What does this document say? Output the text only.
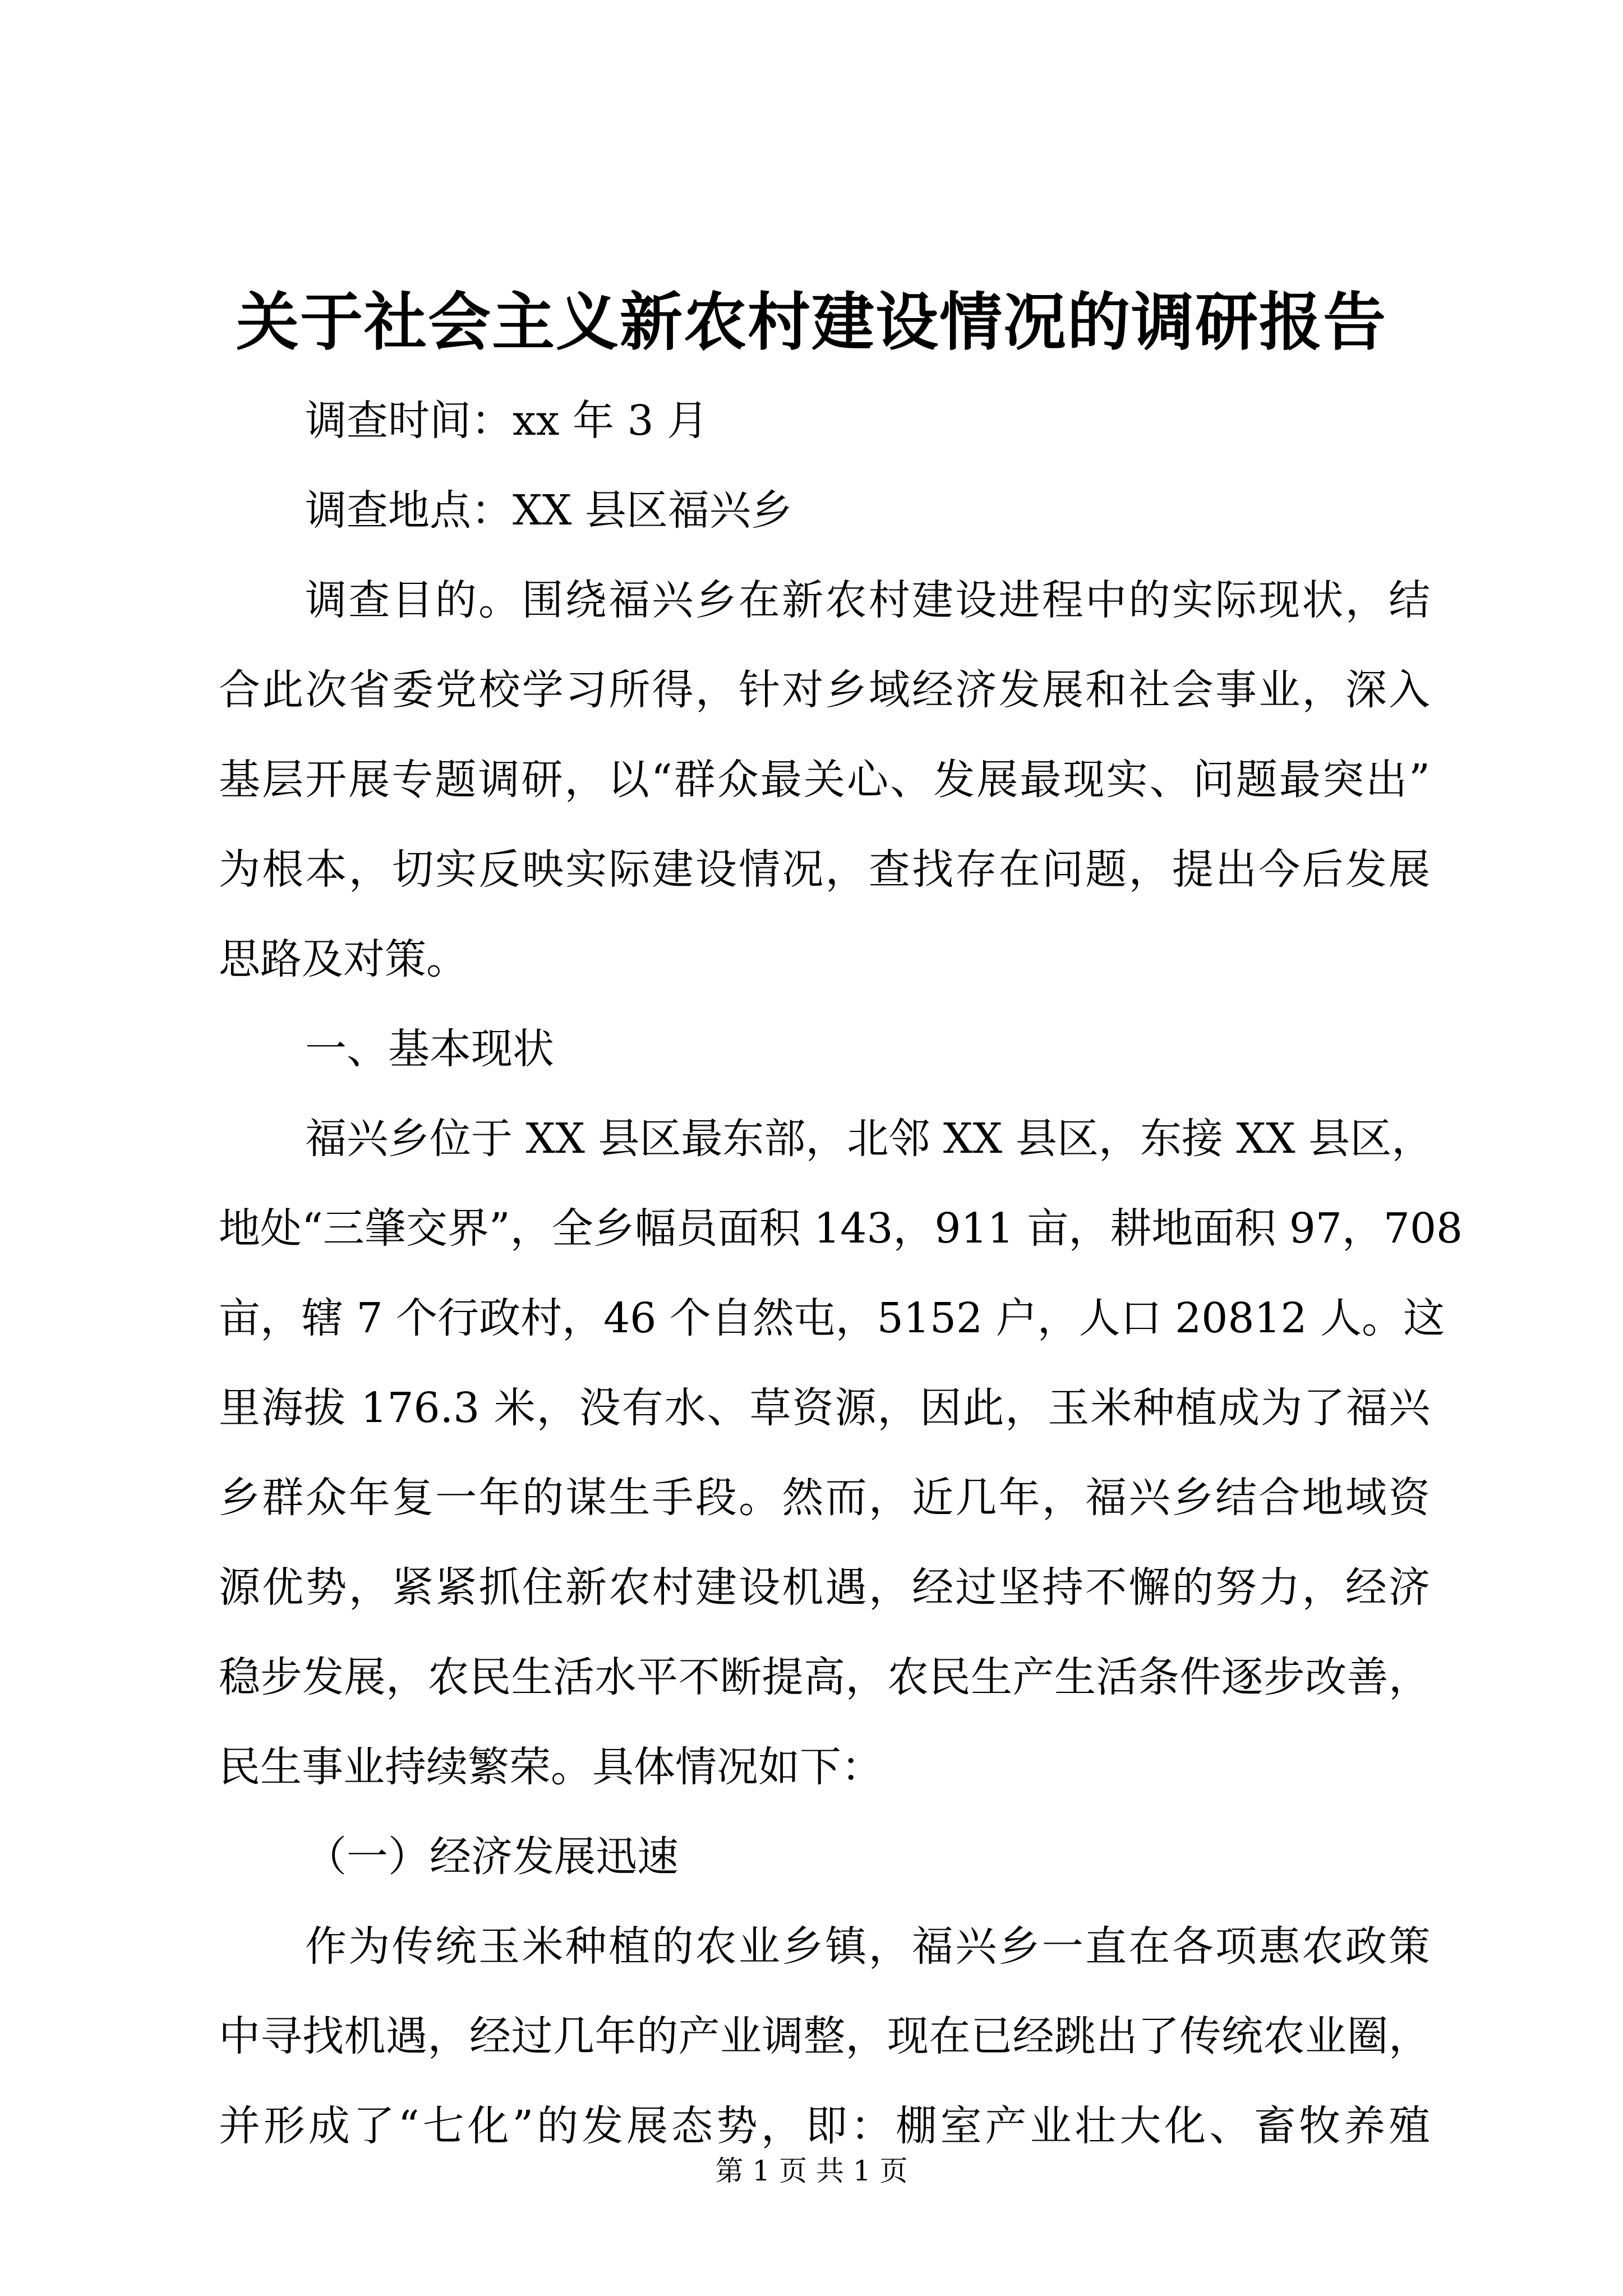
关于社会主义新农村建设情况的调研报告
调查时间：xx 年 3 月
调查地点：XX 县区福兴乡
调查目的。围绕福兴乡在新农村建设进程中的实际现状，结
合此次省委党校学习所得，针对乡域经济发展和社会事业，深入
基层开展专题调研，以“群众最关心、发展最现实、问题最突出”
为根本，切实反映实际建设情况，查找存在问题，提出今后发展
思路及对策。
一、基本现状
福兴乡位于 XX 县区最东部，北邻 XX 县区，东接 XX 县区，
地处“三肇交界”，全乡幅员面积 143，911 亩，耕地面积 97，708
亩，辖 7 个行政村，46 个自然屯，5152 户，人口 20812 人。这
里海拔 176.3 米，没有水、草资源，因此，玉米种植成为了福兴
乡群众年复一年的谋生手段。然而，近几年，福兴乡结合地域资
源优势，紧紧抓住新农村建设机遇，经过坚持不懈的努力，经济
稳步发展，农民生活水平不断提高，农民生产生活条件逐步改善，
民生事业持续繁荣。具体情况如下：
（一）经济发展迅速
作为传统玉米种植的农业乡镇，福兴乡一直在各项惠农政策
中寻找机遇，经过几年的产业调整，现在已经跳出了传统农业圈，
并形成了“七化”的发展态势，即：棚室产业壮大化、畜牧养殖
第 1 页 共 1 页
